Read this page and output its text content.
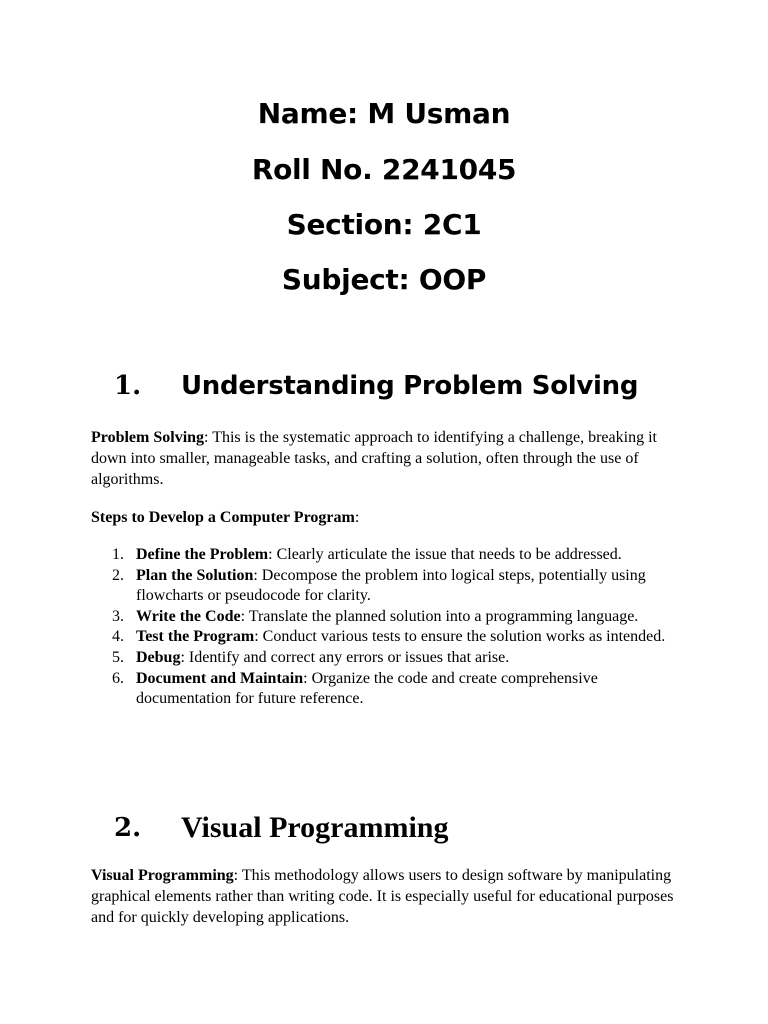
Name: M Usman
Roll No. 2241045
Section: 2C1
Subject: OOP
1. Understanding Problem Solving
Problem Solving: This is the systematic approach to identifying a challenge, breaking it down into smaller, manageable tasks, and crafting a solution, often through the use of algorithms.
Steps to Develop a Computer Program:
1. Define the Problem: Clearly articulate the issue that needs to be addressed.
2. Plan the Solution: Decompose the problem into logical steps, potentially using flowcharts or pseudocode for clarity.
3. Write the Code: Translate the planned solution into a programming language.
4. Test the Program: Conduct various tests to ensure the solution works as intended.
5. Debug: Identify and correct any errors or issues that arise.
6. Document and Maintain: Organize the code and create comprehensive documentation for future reference.
2. Visual Programming
Visual Programming: This methodology allows users to design software by manipulating graphical elements rather than writing code. It is especially useful for educational purposes and for quickly developing applications.
